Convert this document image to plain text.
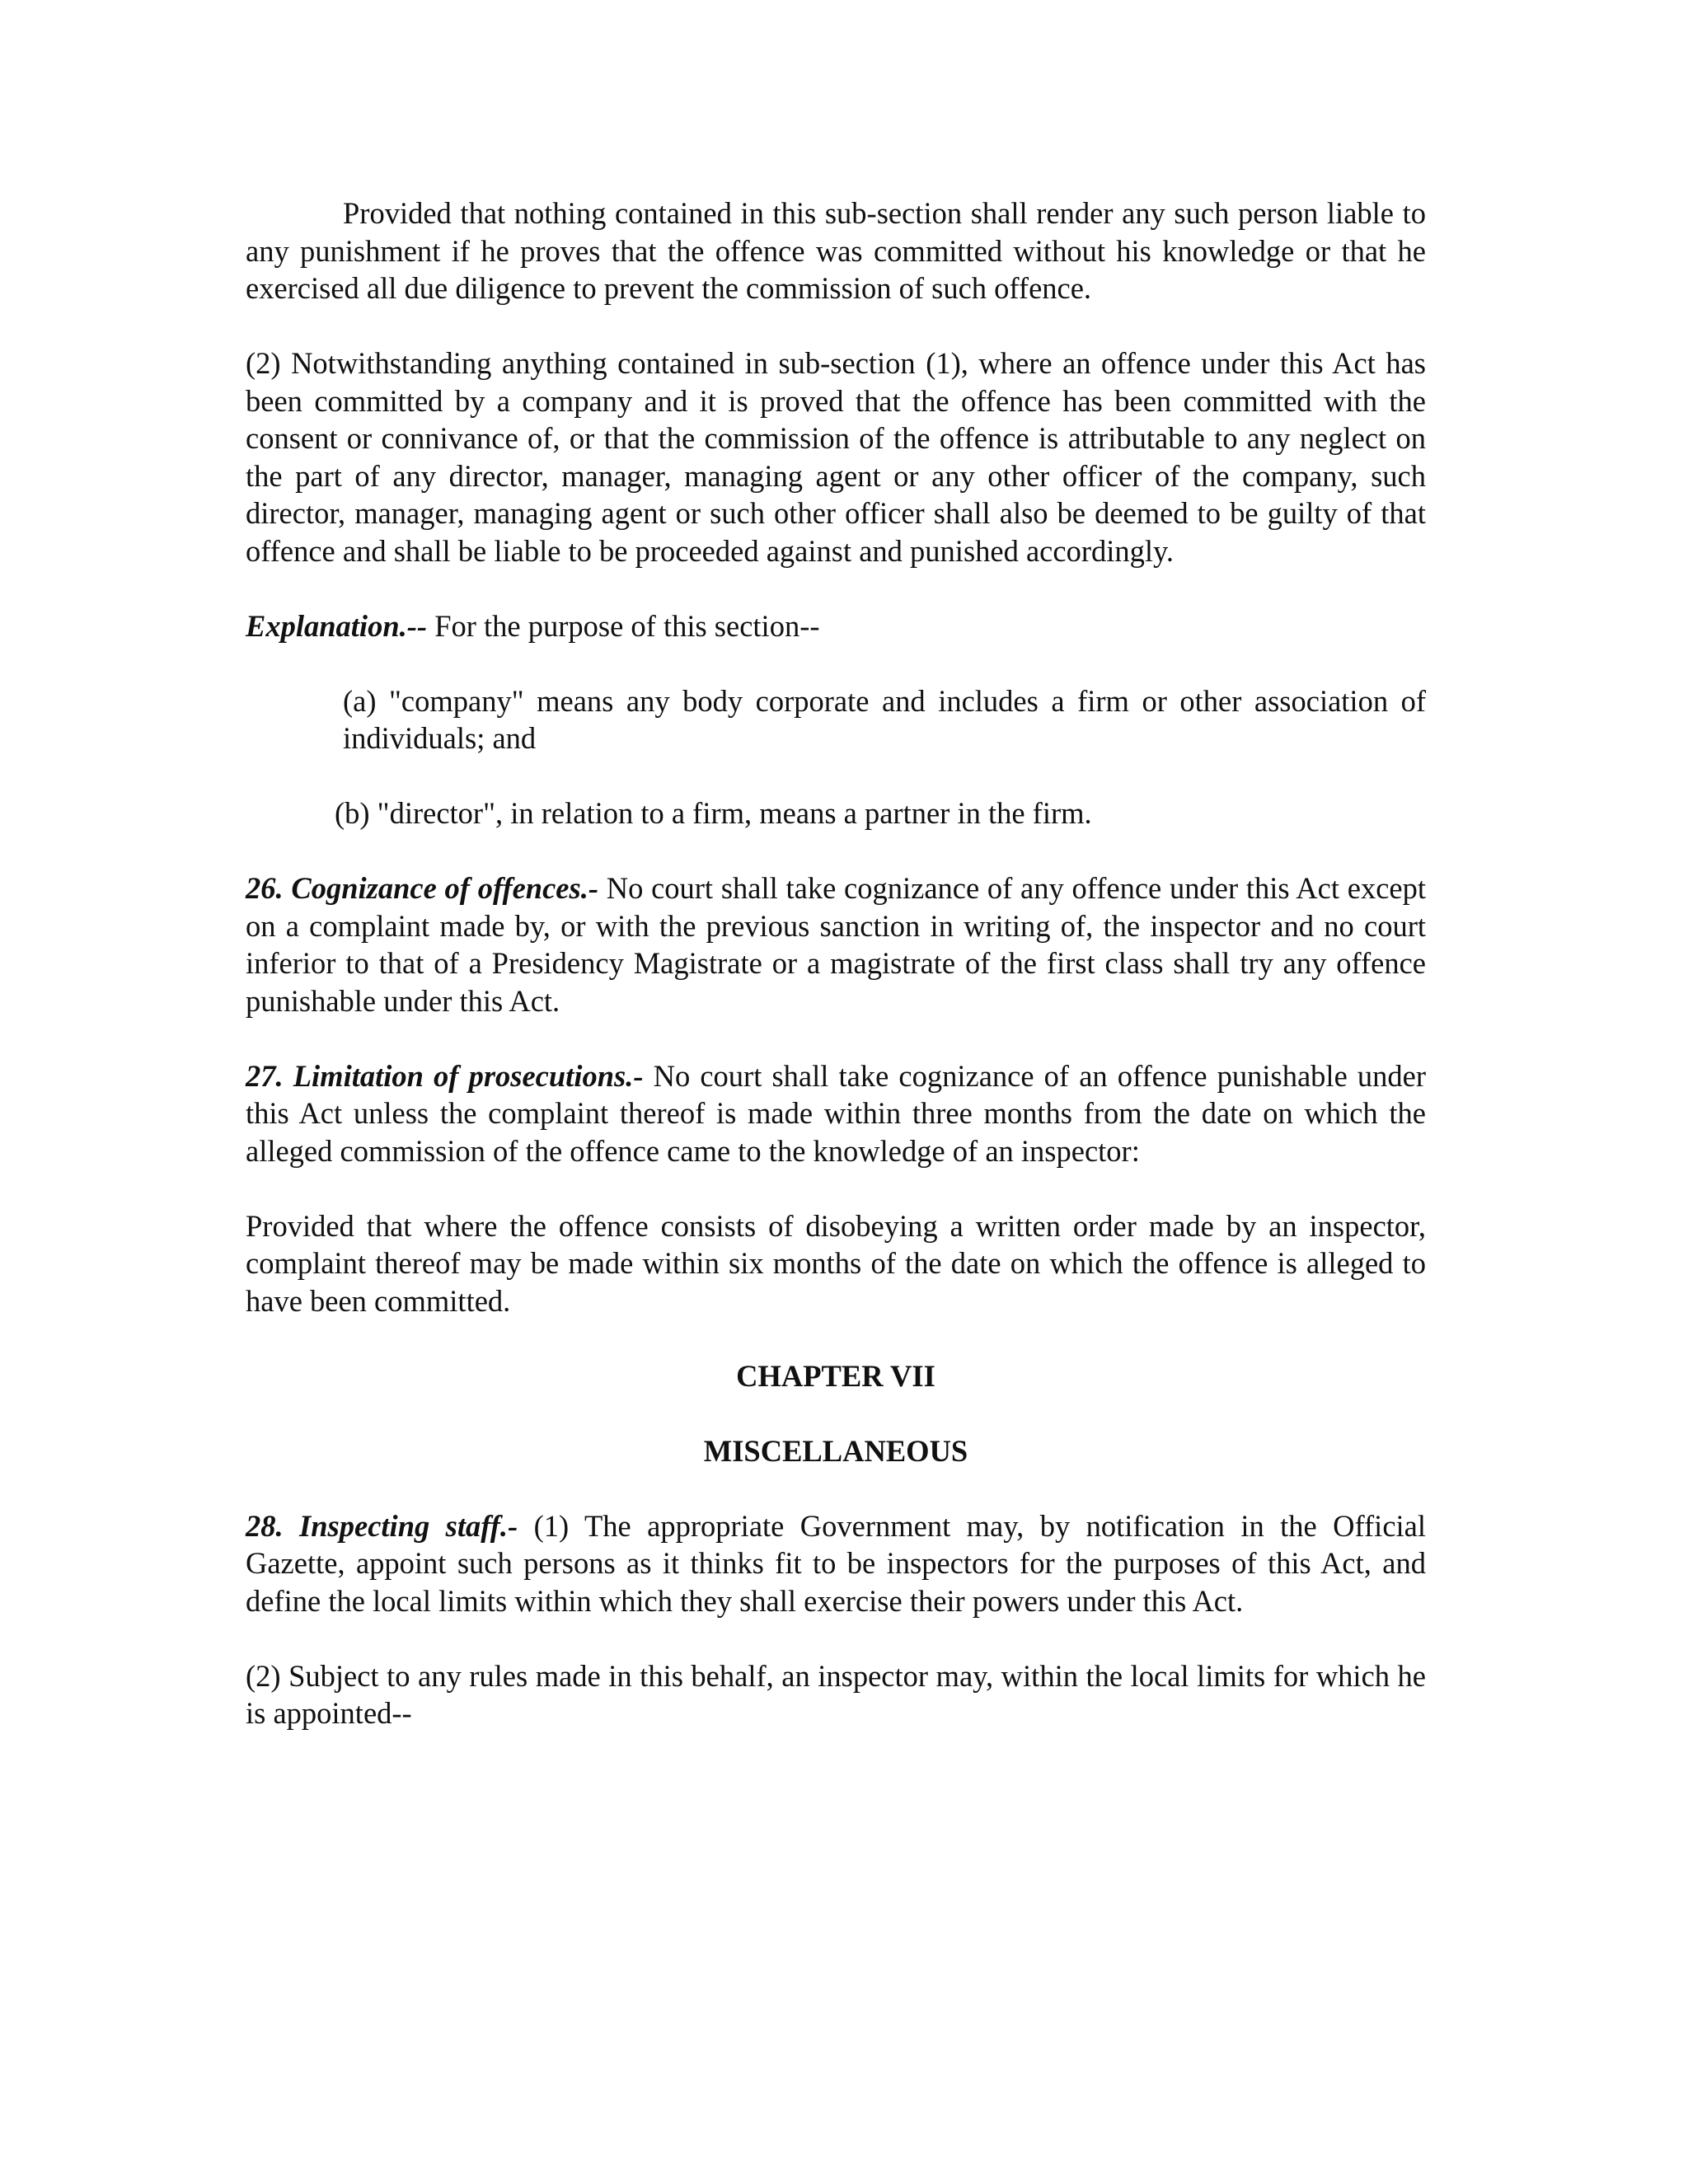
Provided that nothing contained in this sub-section shall render any such person liable to any punishment if he proves that the offence was committed without his knowledge or that he exercised all due diligence to prevent the commission of such offence.

(2) Notwithstanding anything contained in sub-section (1), where an offence under this Act has been committed by a company and it is proved that the offence has been committed with the consent or connivance of, or that the commission of the offence is attributable to any neglect on the part of any director, manager, managing agent or any other officer of the company, such director, manager, managing agent or such other officer shall also be deemed to be guilty of that offence and shall be liable to be proceeded against and punished accordingly.

Explanation.-- For the purpose of this section--

(a) "company" means any body corporate and includes a firm or other association of individuals; and

(b) "director", in relation to a firm, means a partner in the firm.

26. Cognizance of offences.- No court shall take cognizance of any offence under this Act except on a complaint made by, or with the previous sanction in writing of, the inspector and no court inferior to that of a Presidency Magistrate or a magistrate of the first class shall try any offence punishable under this Act.

27. Limitation of prosecutions.- No court shall take cognizance of an offence punishable under this Act unless the complaint thereof is made within three months from the date on which the alleged commission of the offence came to the knowledge of an inspector:

Provided that where the offence consists of disobeying a written order made by an inspector, complaint thereof may be made within six months of the date on which the offence is alleged to have been committed.

CHAPTER VII

MISCELLANEOUS

28. Inspecting staff.- (1) The appropriate Government may, by notification in the Official Gazette, appoint such persons as it thinks fit to be inspectors for the purposes of this Act, and define the local limits within which they shall exercise their powers under this Act.

(2) Subject to any rules made in this behalf, an inspector may, within the local limits for which he is appointed--
